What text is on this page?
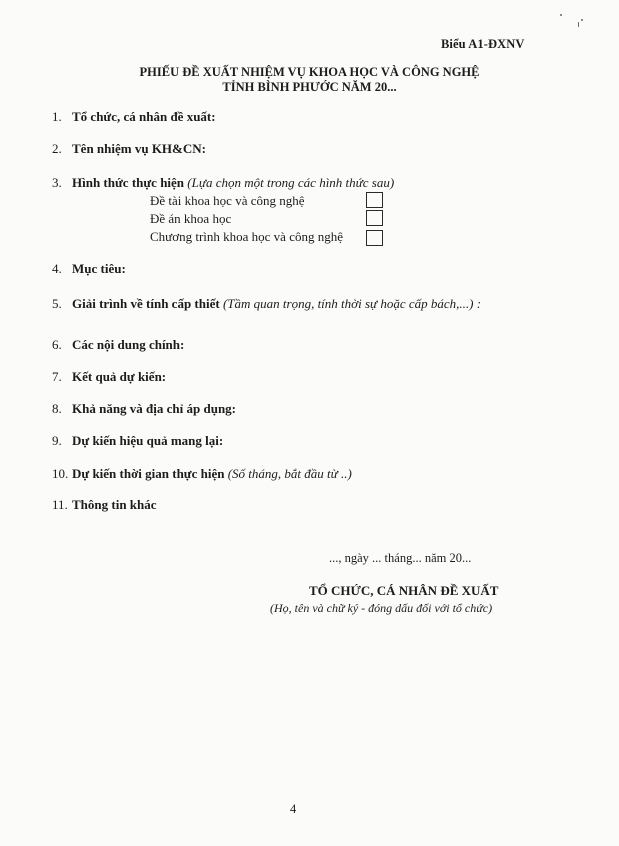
Biểu A1-ĐXNV
PHIẾU ĐỀ XUẤT NHIỆM VỤ KHOA HỌC VÀ CÔNG NGHỆ
TỈNH BÌNH PHƯỚC NĂM 20...
1. Tổ chức, cá nhân đề xuất:
2. Tên nhiệm vụ KH&CN:
3. Hình thức thực hiện (Lựa chọn một trong các hình thức sau)
Đề tài khoa học và công nghệ
Đề án khoa học
Chương trình khoa học và công nghệ
4. Mục tiêu:
5. Giải trình về tính cấp thiết (Tầm quan trọng, tính thời sự hoặc cấp bách,...) :
6. Các nội dung chính:
7. Kết quả dự kiến:
8. Khả năng và địa chỉ áp dụng:
9. Dự kiến hiệu quả mang lại:
10. Dự kiến thời gian thực hiện (Số tháng, bắt đầu từ ..)
11. Thông tin khác
..., ngày ... tháng... năm 20...
TỔ CHỨC, CÁ NHÂN ĐỀ XUẤT
(Họ, tên và chữ ký - đóng dấu đối với tổ chức)
4
